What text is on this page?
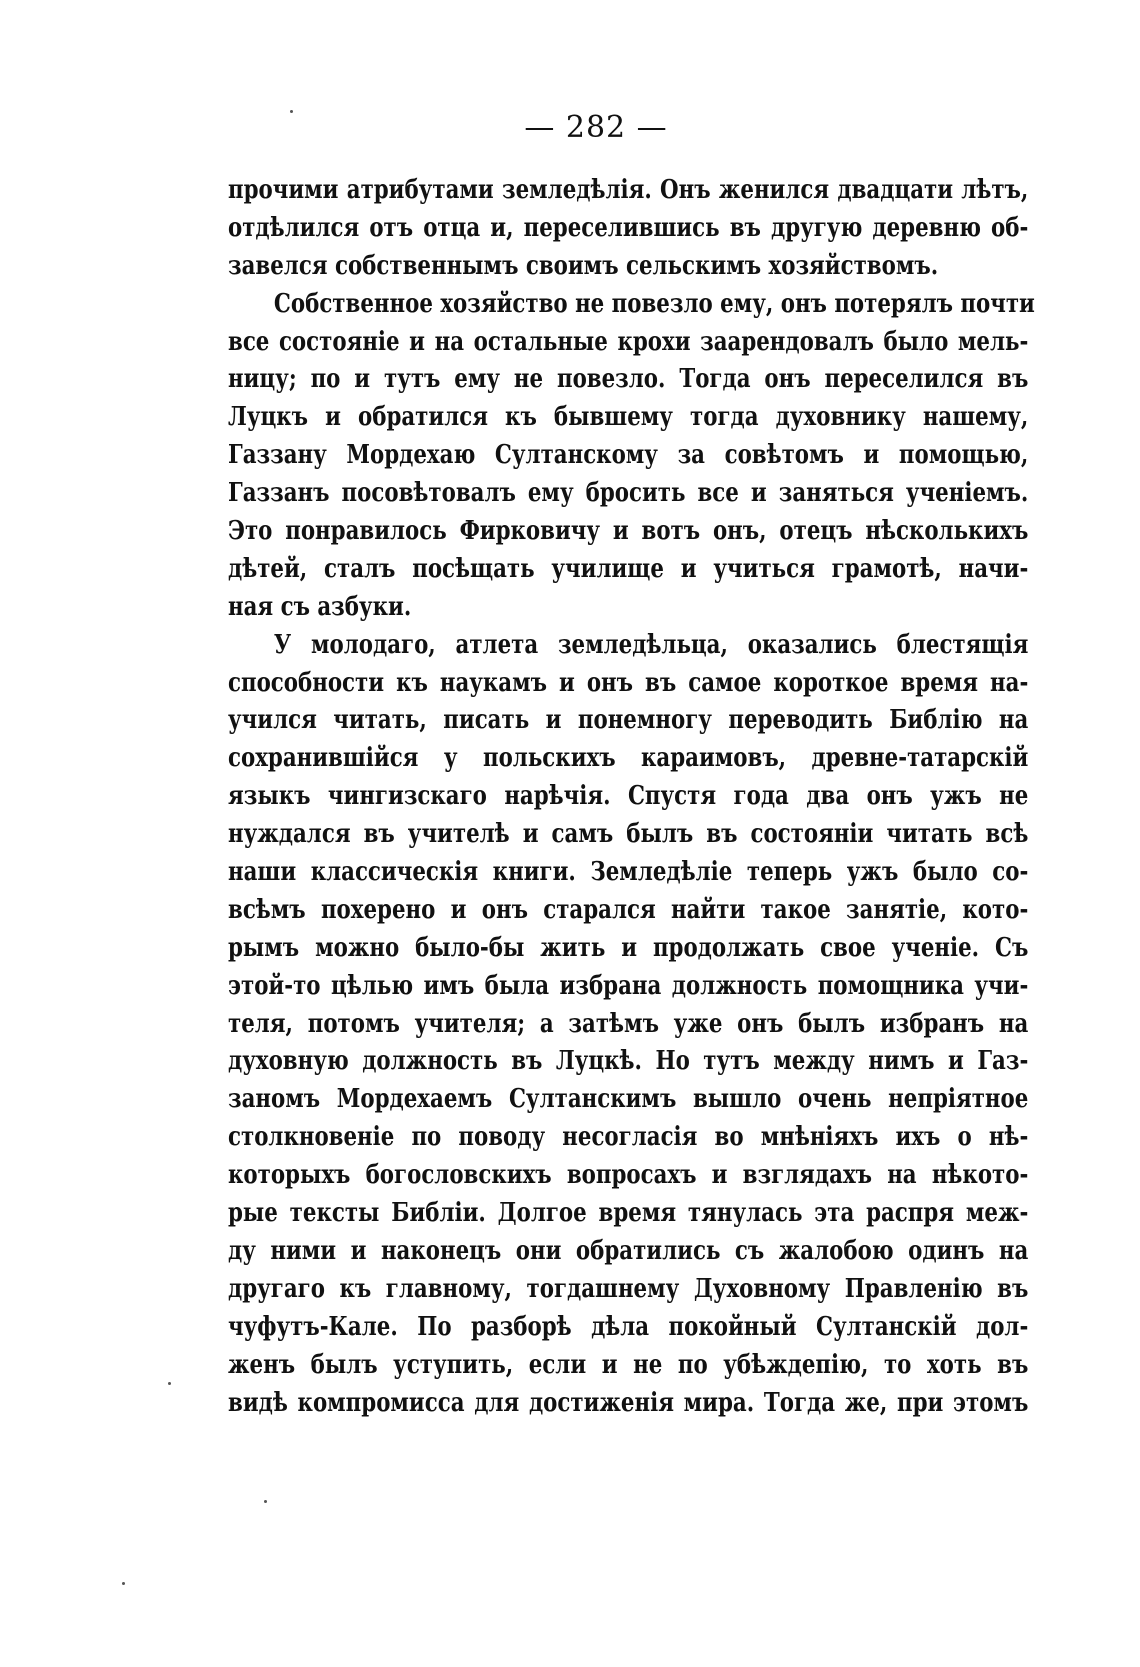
— 282 —
прочими атрибутами земледѣлія. Онъ женился двадцати лѣтъ,
отдѣлился отъ отца и, переселившись въ другую деревню об-
завелся собственнымъ своимъ сельскимъ хозяйствомъ.
Собственное хозяйство не повезло ему, онъ потерялъ почти
все состояніе и на остальные крохи заарендовалъ было мель-
ницу; по и тутъ ему не повезло. Тогда онъ переселился въ
Луцкъ и обратился къ бывшему тогда духовнику нашему,
Газзану Мордехаю Султанскому за совѣтомъ и помощью,
Газзанъ посовѣтовалъ ему бросить все и заняться ученіемъ.
Это понравилось Фирковичу и вотъ онъ, отецъ нѣсколькихъ
дѣтей, сталъ посѣщать училище и учиться грамотѣ, начи-
ная съ азбуки.
У молодаго, атлета земледѣльца, оказались блестящія
способности къ наукамъ и онъ въ самое короткое время на-
учился читать, писать и понемногу переводить Библію на
сохранившійся у польскихъ караимовъ, древне-татарскій
языкъ чингизскаго нарѣчія. Спустя года два онъ ужъ не
нуждался въ учителѣ и самъ былъ въ состояніи читать всѣ
наши классическія книги. Земледѣліе теперь ужъ было со-
всѣмъ похерено и онъ старался найти такое занятіе, кото-
рымъ можно было-бы жить и продолжать свое ученіе. Съ
этой-то цѣлью имъ была избрана должность помощника учи-
теля, потомъ учителя; а затѣмъ уже онъ былъ избранъ на
духовную должность въ Луцкѣ. Но тутъ между нимъ и Газ-
заномъ Мордехаемъ Султанскимъ вышло очень непріятное
столкновеніе по поводу несогласія во мнѣніяхъ ихъ о нѣ-
которыхъ богословскихъ вопросахъ и взглядахъ на нѣкото-
рые тексты Библіи. Долгое время тянулась эта распря меж-
ду ними и наконецъ они обратились съ жалобою одинъ на
другаго къ главному, тогдашнему Духовному Правленію въ
чуфутъ-Кале. По разборѣ дѣла покойный Султанскій дол-
женъ былъ уступить, если и не по убѣждепію, то хоть въ
видѣ компромисса для достиженія мира. Тогда же, при этомъ
